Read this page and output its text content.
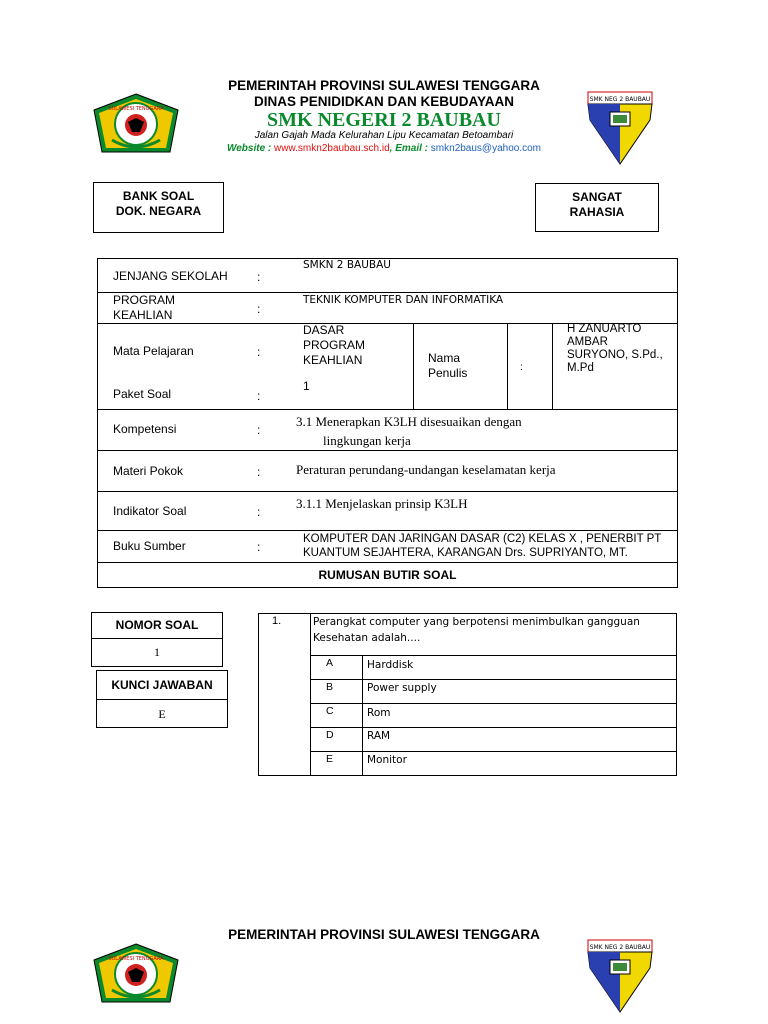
PEMERINTAH PROVINSI SULAWESI TENGGARA
DINAS PENIDIDKAN DAN KEBUDAYAAN
SMK NEGERI 2 BAUBAU
Jalan Gajah Mada Kelurahan Lipu Kecamatan Betoambari
Website : www.smkn2baubau.sch.id, Email : smkn2baus@yahoo.com
SULAWESI TENGGARA
SMK NEG 2 BAUBAU
BANK SOAL
DOK. NEGARA
SANGAT
RAHASIA
JENJANG SEKOLAH :
SMKN 2 BAUBAU
PROGRAM
KEAHLIAN	:
TEKNIK KOMPUTER DAN INFORMATIKA
Mata Pelajaran	:
DASAR
PROGRAM
KEAHLIAN
Paket Soal	:
1
Nama
Penulis	:
H ZANUARTO
AMBAR
SURYONO, S.Pd.,
M.Pd
Kompetensi	:
3.1 Menerapkan K3LH disesuaikan dengan
lingkungan kerja
Materi Pokok	:	Peraturan perundang-undangan keselamatan kerja
Indikator Soal	:
3.1.1 Menjelaskan prinsip K3LH
Buku Sumber	:
KOMPUTER DAN JARINGAN DASAR (C2) KELAS X , PENERBIT PT
KUANTUM SEJAHTERA, KARANGAN Drs. SUPRIYANTO, MT.
RUMUSAN BUTIR SOAL
NOMOR SOAL
1
KUNCI JAWABAN
E
1.	Perangkat computer yang berpotensi menimbulkan gangguan
Kesehatan adalah....
A	Harddisk
B	Power supply
C	Rom
D	RAM
E	Monitor
PEMERINTAH PROVINSI SULAWESI TENGGARA
SULAWESI TENGGARA
SMK NEG 2 BAUBAU
